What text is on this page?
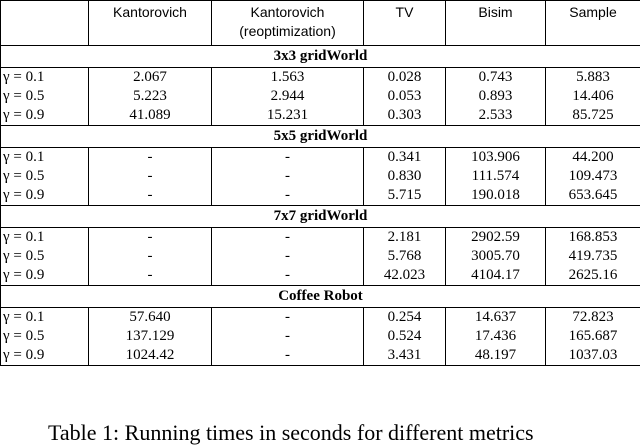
	Kantorovich	Kantorovich (reoptimization)	TV	Bisim	Sample
3x3 gridWorld					
γ = 0.1	2.067	1.563	0.028	0.743	5.883
γ = 0.5	5.223	2.944	0.053	0.893	14.406
γ = 0.9	41.089	15.231	0.303	2.533	85.725
5x5 gridWorld					
γ = 0.1	-	-	0.341	103.906	44.200
γ = 0.5	-	-	0.830	111.574	109.473
γ = 0.9	-	-	5.715	190.018	653.645
7x7 gridWorld					
γ = 0.1	-	-	2.181	2902.59	168.853
γ = 0.5	-	-	5.768	3005.70	419.735
γ = 0.9	-	-	42.023	4104.17	2625.16
Coffee Robot					
γ = 0.1	57.640	-	0.254	14.637	72.823
γ = 0.5	137.129	-	0.524	17.436	165.687
γ = 0.9	1024.42	-	3.431	48.197	1037.03
Table 1: Running times in seconds for different metrics
